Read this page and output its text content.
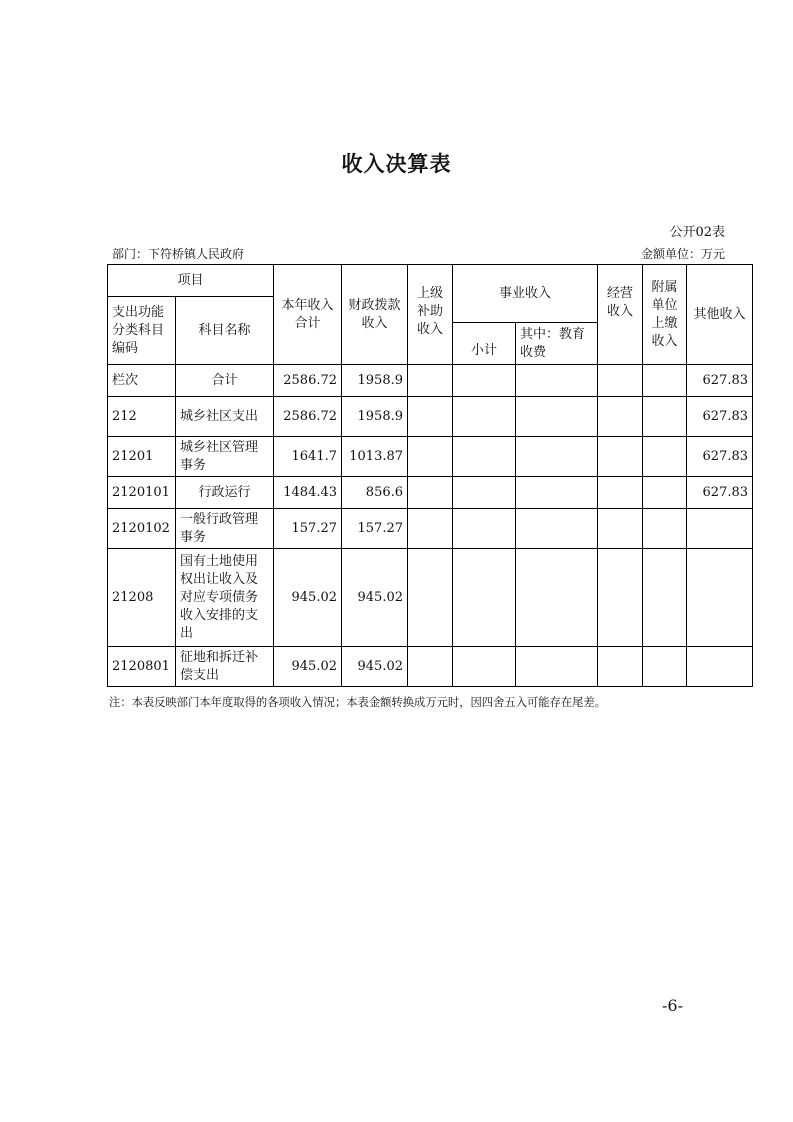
收入决算表
公开02表
部门：下符桥镇人民政府	金额单位：万元
项目		本年收入合计	财政拨款收入	上级补助收入	事业收入		经营收入	附属单位上缴收入	其他收入
支出功能分类科目编码	科目名称								
					小计	其中：教育收费			
栏次	合计	2586.72	1958.9						627.83
212	城乡社区支出	2586.72	1958.9						627.83
21201	城乡社区管理事务	1641.7	1013.87						627.83
2120101	行政运行	1484.43	856.6						627.83
2120102	一般行政管理事务	157.27	157.27						
21208	国有土地使用权出让收入及对应专项债务收入安排的支出	945.02	945.02						
2120801	征地和拆迁补偿支出	945.02	945.02						
注：本表反映部门本年度取得的各项收入情况；本表金额转换成万元时，因四舍五入可能存在尾差。
-6-
